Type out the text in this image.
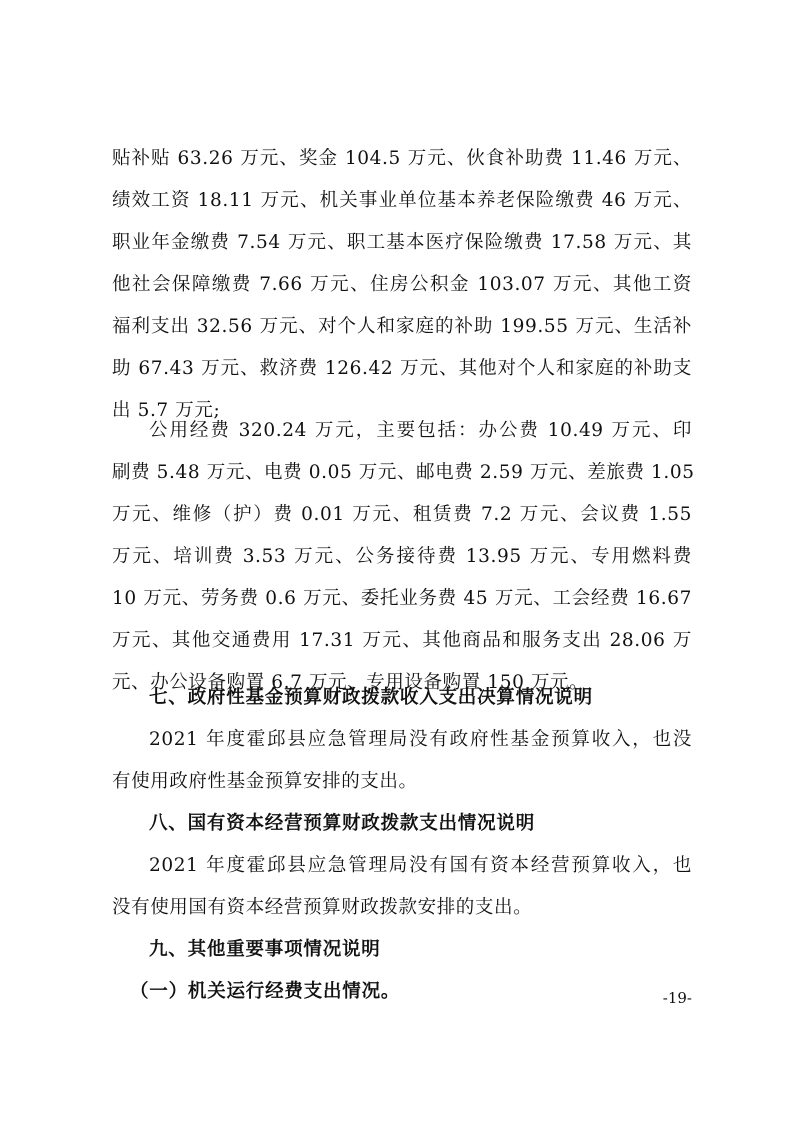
贴补贴 63.26 万元、奖金 104.5 万元、伙食补助费 11.46 万元、
绩效工资 18.11 万元、机关事业单位基本养老保险缴费 46 万元、
职业年金缴费 7.54 万元、职工基本医疗保险缴费 17.58 万元、其
他社会保障缴费 7.66 万元、住房公积金 103.07 万元、其他工资
福利支出 32.56 万元、对个人和家庭的补助 199.55 万元、生活补
助 67.43 万元、救济费 126.42 万元、其他对个人和家庭的补助支
出 5.7 万元;
公用经费 320.24 万元，主要包括：办公费 10.49 万元、印
刷费 5.48 万元、电费 0.05 万元、邮电费 2.59 万元、差旅费 1.05
万元、维修（护）费 0.01 万元、租赁费 7.2 万元、会议费 1.55
万元、培训费 3.53 万元、公务接待费 13.95 万元、专用燃料费
10 万元、劳务费 0.6 万元、委托业务费 45 万元、工会经费 16.67
万元、其他交通费用 17.31 万元、其他商品和服务支出 28.06 万
元、办公设备购置 6.7 万元、专用设备购置 150 万元。
七、政府性基金预算财政拨款收入支出决算情况说明
2021 年度霍邱县应急管理局没有政府性基金预算收入，也没
有使用政府性基金预算安排的支出。
八、国有资本经营预算财政拨款支出情况说明
2021 年度霍邱县应急管理局没有国有资本经营预算收入，也
没有使用国有资本经营预算财政拨款安排的支出。
九、其他重要事项情况说明
（一）机关运行经费支出情况。	-19-
